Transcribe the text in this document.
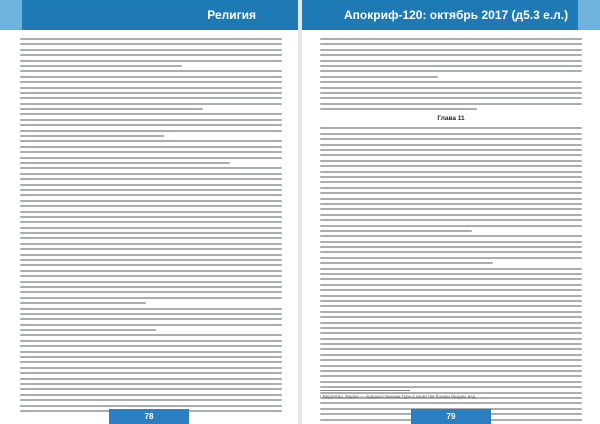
Религия
78
Апокриф-120: октябрь 2017 (д5.3 е.л.)
Глава 11
¹ Вероятно, Фадна — предшественник Гуре в качестве богини бездны вод.
79
